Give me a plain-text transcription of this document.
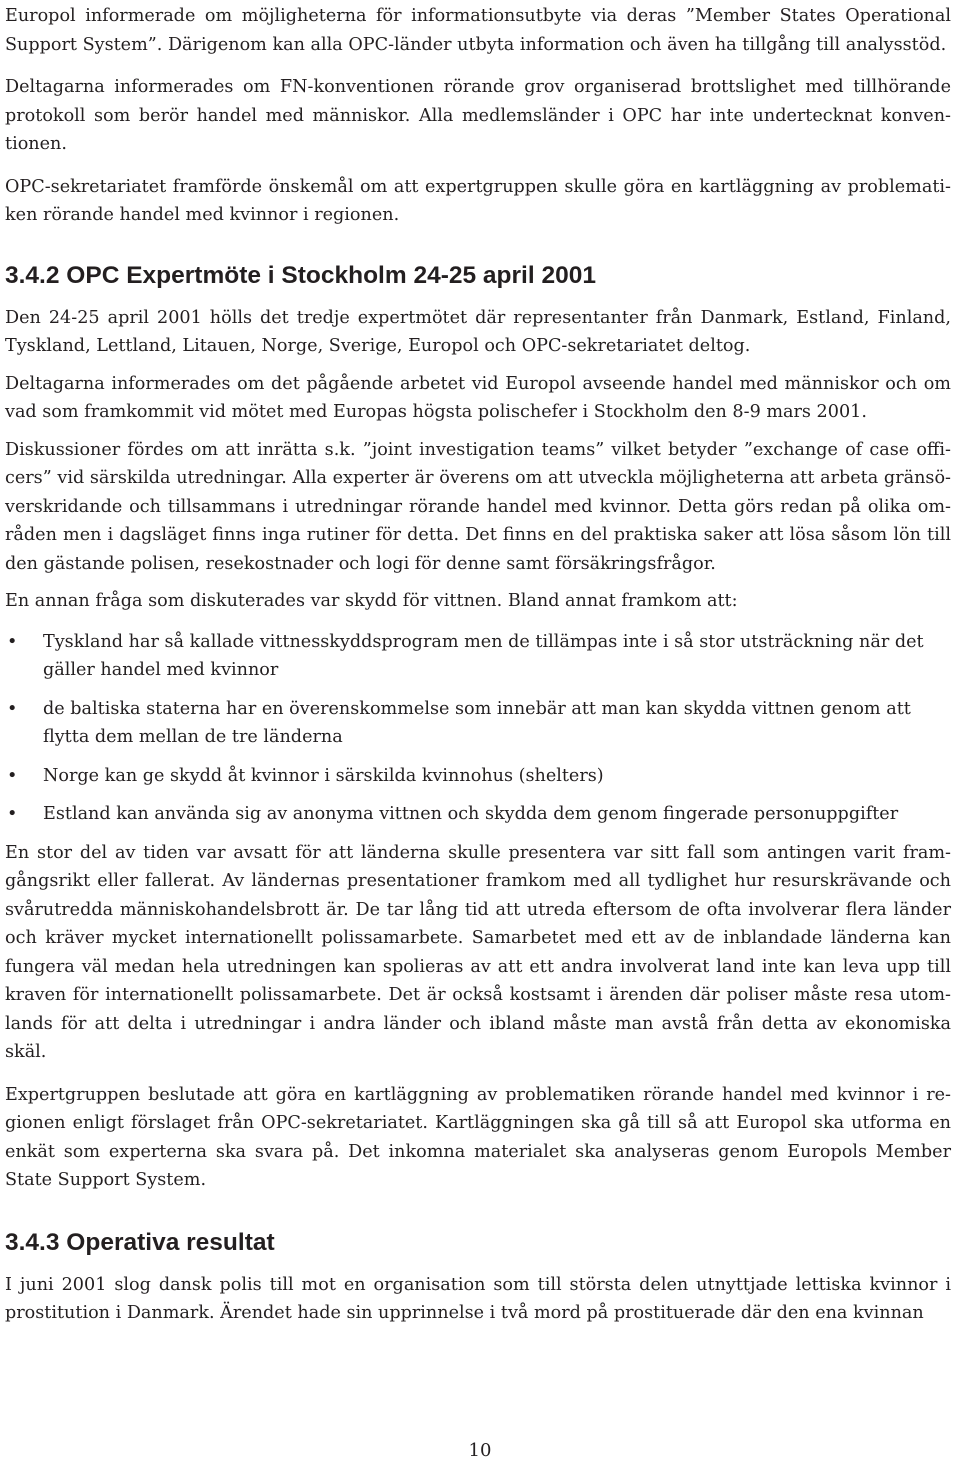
Europol informerade om möjligheterna för informationsutbyte via deras ”Member States Operational Support System”. Därigenom kan alla OPC-länder utbyta information och även ha tillgång till analysstöd.

Deltagarna informerades om FN-konventionen rörande grov organiserad brottslighet med tillhörande protokoll som berör handel med människor. Alla medlemsländer i OPC har inte undertecknat konventionen.

OPC-sekretariatet framförde önskemål om att expertgruppen skulle göra en kartläggning av problematiken rörande handel med kvinnor i regionen.

3.4.2 OPC Expertmöte i Stockholm 24-25 april 2001

Den 24-25 april 2001 hölls det tredje expertmötet där representanter från Danmark, Estland, Finland, Tyskland, Lettland, Litauen, Norge, Sverige, Europol och OPC-sekretariatet deltog.

Deltagarna informerades om det pågående arbetet vid Europol avseende handel med människor och om vad som framkommit vid mötet med Europas högsta polischefer i Stockholm den 8-9 mars 2001.

Diskussioner fördes om att inrätta s.k. ”joint investigation teams” vilket betyder ”exchange of case officers” vid särskilda utredningar. Alla experter är överens om att utveckla möjligheterna att arbeta gränsöverskridande och tillsammans i utredningar rörande handel med kvinnor. Detta görs redan på olika områden men i dagsläget finns inga rutiner för detta. Det finns en del praktiska saker att lösa såsom lön till den gästande polisen, resekostnader och logi för denne samt försäkringsfrågor.

En annan fråga som diskuterades var skydd för vittnen. Bland annat framkom att:

• Tyskland har så kallade vittnesskyddsprogram men de tillämpas inte i så stor utsträckning när det gäller handel med kvinnor
• de baltiska staterna har en överenskommelse som innebär att man kan skydda vittnen genom att flytta dem mellan de tre länderna
• Norge kan ge skydd åt kvinnor i särskilda kvinnohus (shelters)
• Estland kan använda sig av anonyma vittnen och skydda dem genom fingerade personuppgifter

En stor del av tiden var avsatt för att länderna skulle presentera var sitt fall som antingen varit framgångsrikt eller fallerat. Av ländernas presentationer framkom med all tydlighet hur resurskrävande och svårutredda människohandelsbrott är. De tar lång tid att utreda eftersom de ofta involverar flera länder och kräver mycket internationellt polissamarbete. Samarbetet med ett av de inblandade länderna kan fungera väl medan hela utredningen kan spolieras av att ett andra involverat land inte kan leva upp till kraven för internationellt polissamarbete. Det är också kostsamt i ärenden där poliser måste resa utomlands för att delta i utredningar i andra länder och ibland måste man avstå från detta av ekonomiska skäl.

Expertgruppen beslutade att göra en kartläggning av problematiken rörande handel med kvinnor i regionen enligt förslaget från OPC-sekretariatet. Kartläggningen ska gå till så att Europol ska utforma en enkät som experterna ska svara på. Det inkomna materialet ska analyseras genom Europols Member State Support System.

3.4.3 Operativa resultat

I juni 2001 slog dansk polis till mot en organisation som till största delen utnyttjade lettiska kvinnor i prostitution i Danmark. Ärendet hade sin upprinnelse i två mord på prostituerade där den ena kvinnan

10
